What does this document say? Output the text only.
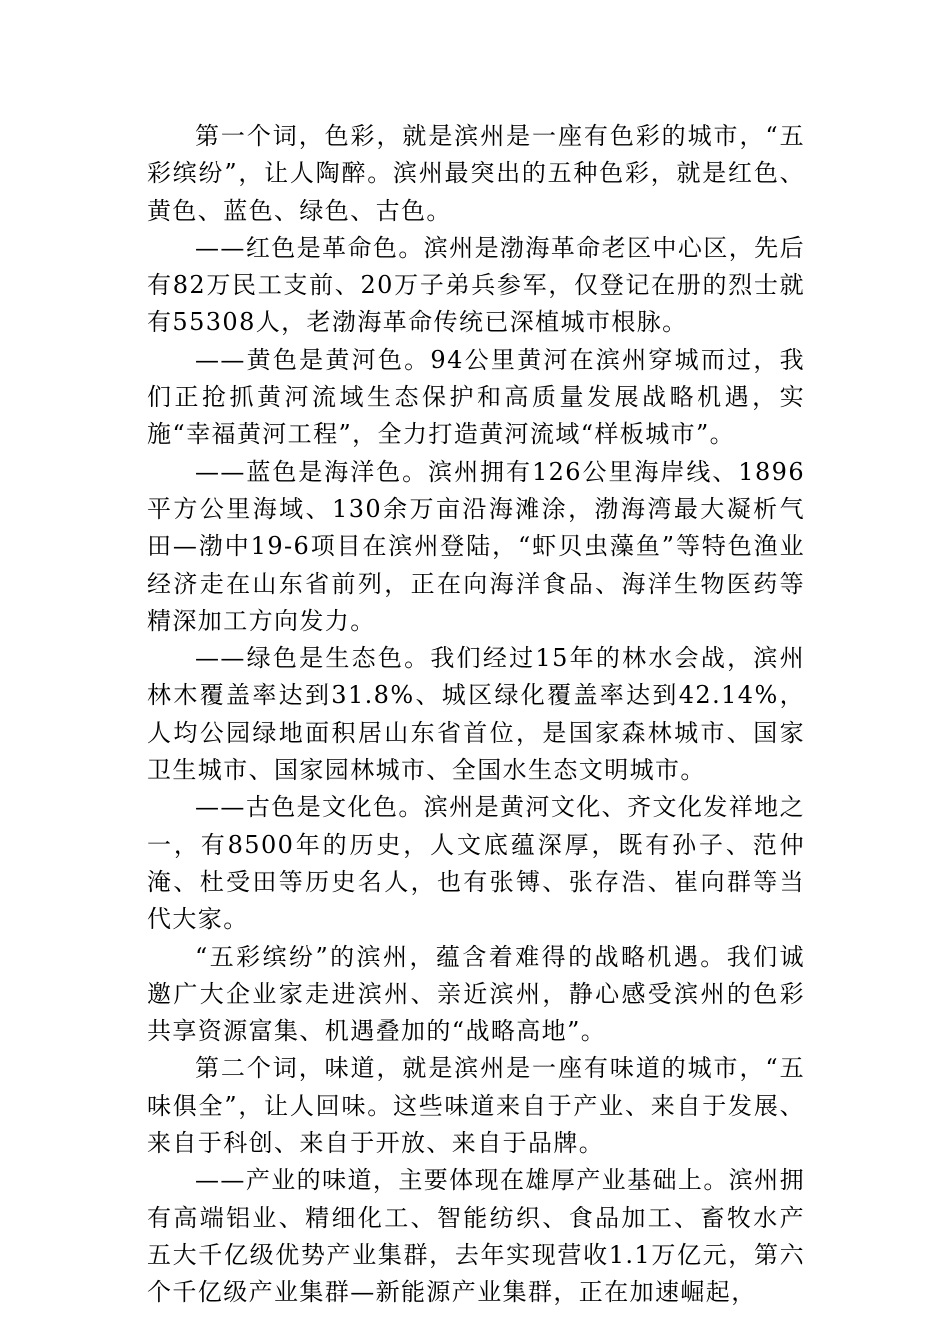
第一个词，色彩，就是滨州是一座有色彩的城市，“五彩缤纷”，让人陶醉。滨州最突出的五种色彩，就是红色、黄色、蓝色、绿色、古色。

——红色是革命色。滨州是渤海革命老区中心区，先后有82万民工支前、20万子弟兵参军，仅登记在册的烈士就有55308人，老渤海革命传统已深植城市根脉。

——黄色是黄河色。94公里黄河在滨州穿城而过，我们正抢抓黄河流域生态保护和高质量发展战略机遇，实施“幸福黄河工程”，全力打造黄河流域“样板城市”。

——蓝色是海洋色。滨州拥有126公里海岸线、1896平方公里海域、130余万亩沿海滩涂，渤海湾最大凝析气田—渤中19-6项目在滨州登陆，“虾贝虫藻鱼”等特色渔业经济走在山东省前列，正在向海洋食品、海洋生物医药等精深加工方向发力。

——绿色是生态色。我们经过15年的林水会战，滨州林木覆盖率达到31.8%、城区绿化覆盖率达到42.14%，人均公园绿地面积居山东省首位，是国家森林城市、国家卫生城市、国家园林城市、全国水生态文明城市。

——古色是文化色。滨州是黄河文化、齐文化发祥地之一，有8500年的历史，人文底蕴深厚，既有孙子、范仲淹、杜受田等历史名人，也有张镈、张存浩、崔向群等当代大家。

“五彩缤纷”的滨州，蕴含着难得的战略机遇。我们诚邀广大企业家走进滨州、亲近滨州，静心感受滨州的色彩共享资源富集、机遇叠加的“战略高地”。

第二个词，味道，就是滨州是一座有味道的城市，“五味俱全”，让人回味。这些味道来自于产业、来自于发展、来自于科创、来自于开放、来自于品牌。

——产业的味道，主要体现在雄厚产业基础上。滨州拥有高端铝业、精细化工、智能纺织、食品加工、畜牧水产五大千亿级优势产业集群，去年实现营收1.1万亿元，第六个千亿级产业集群—新能源产业集群，正在加速崛起，
